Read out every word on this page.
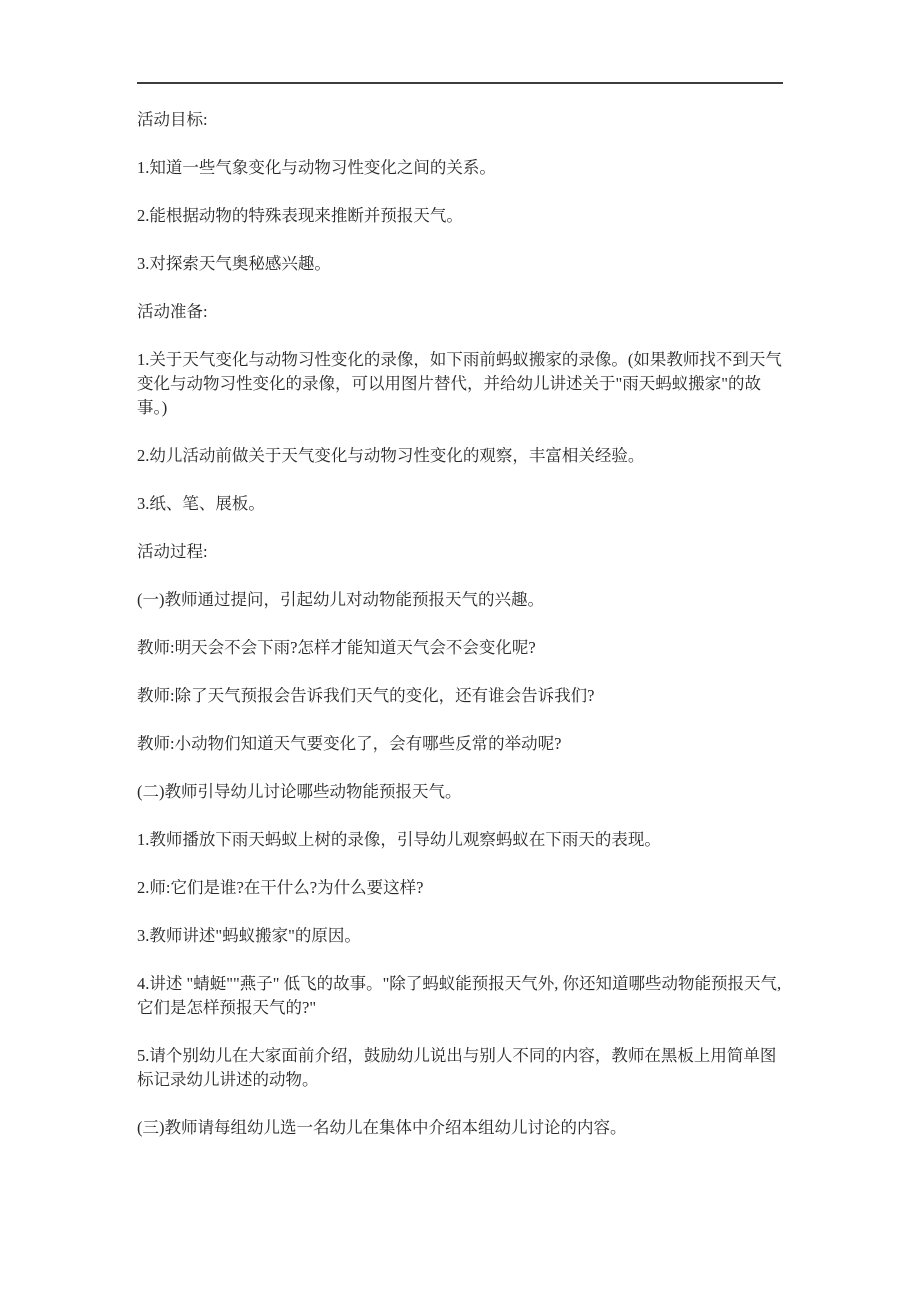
活动目标:

1.知道一些气象变化与动物习性变化之间的关系。

2.能根据动物的特殊表现来推断并预报天气。

3.对探索天气奥秘感兴趣。

活动准备:

1.关于天气变化与动物习性变化的录像，如下雨前蚂蚁搬家的录像。(如果教师找不到天气变化与动物习性变化的录像，可以用图片替代，并给幼儿讲述关于"雨天蚂蚁搬家"的故事。)

2.幼儿活动前做关于天气变化与动物习性变化的观察，丰富相关经验。

3.纸、笔、展板。

活动过程:

(一)教师通过提问，引起幼儿对动物能预报天气的兴趣。

教师:明天会不会下雨?怎样才能知道天气会不会变化呢?

教师:除了天气预报会告诉我们天气的变化，还有谁会告诉我们?

教师:小动物们知道天气要变化了，会有哪些反常的举动呢?

(二)教师引导幼儿讨论哪些动物能预报天气。

1.教师播放下雨天蚂蚁上树的录像，引导幼儿观察蚂蚁在下雨天的表现。

2.师:它们是谁?在干什么?为什么要这样?

3.教师讲述"蚂蚁搬家"的原因。

4.讲述 "蜻蜓""燕子" 低飞的故事。"除了蚂蚁能预报天气外, 你还知道哪些动物能预报天气, 它们是怎样预报天气的?"

5.请个别幼儿在大家面前介绍，鼓励幼儿说出与别人不同的内容，教师在黑板上用简单图标记录幼儿讲述的动物。

(三)教师请每组幼儿选一名幼儿在集体中介绍本组幼儿讨论的内容。
